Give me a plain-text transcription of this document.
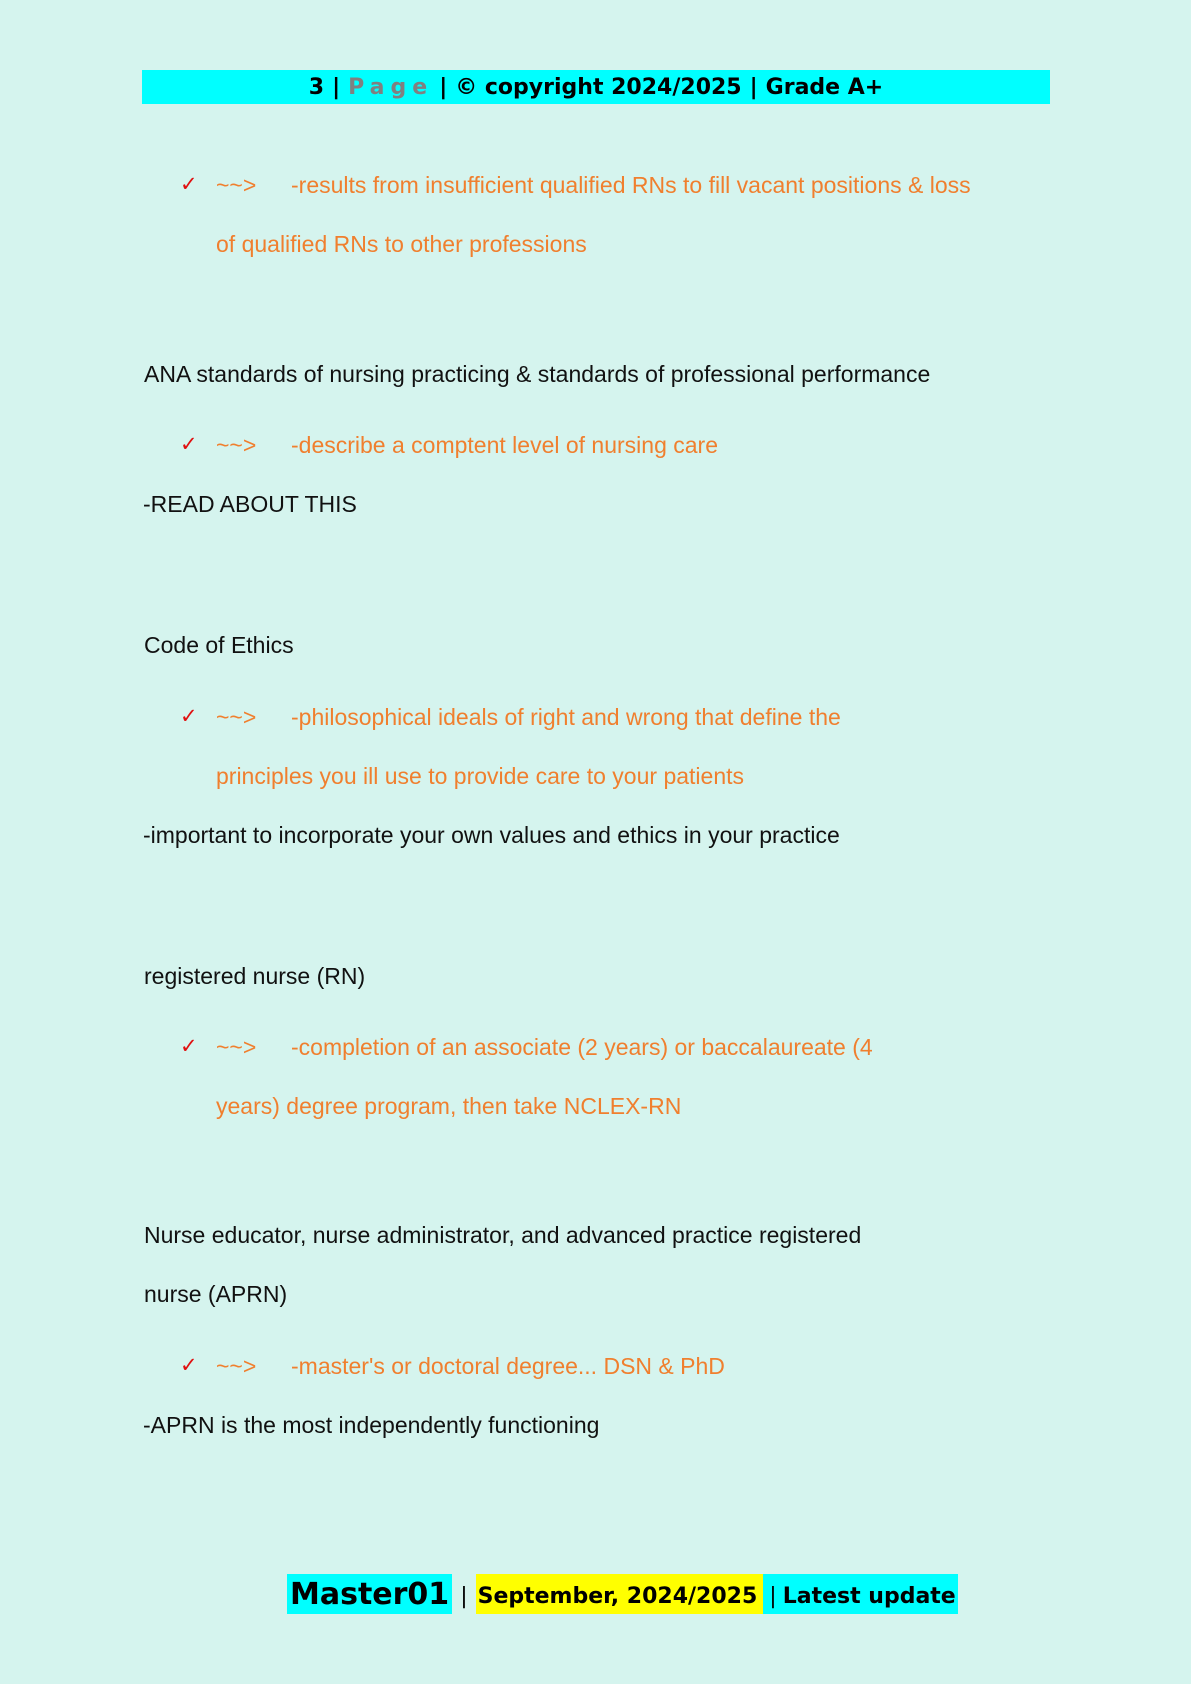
3 | Page | © copyright 2024/2025 | Grade A+
✓ ~~> -results from insufficient qualified RNs to fill vacant positions & loss
of qualified RNs to other professions
ANA standards of nursing practicing & standards of professional performance
✓ ~~> -describe a comptent level of nursing care
-READ ABOUT THIS
Code of Ethics
✓ ~~> -philosophical ideals of right and wrong that define the
principles you ill use to provide care to your patients
-important to incorporate your own values and ethics in your practice
registered nurse (RN)
✓ ~~> -completion of an associate (2 years) or baccalaureate (4
years) degree program, then take NCLEX-RN
Nurse educator, nurse administrator, and advanced practice registered
nurse (APRN)
✓ ~~> -master's or doctoral degree... DSN & PhD
-APRN is the most independently functioning
Master01 | September, 2024/2025 | Latest update
